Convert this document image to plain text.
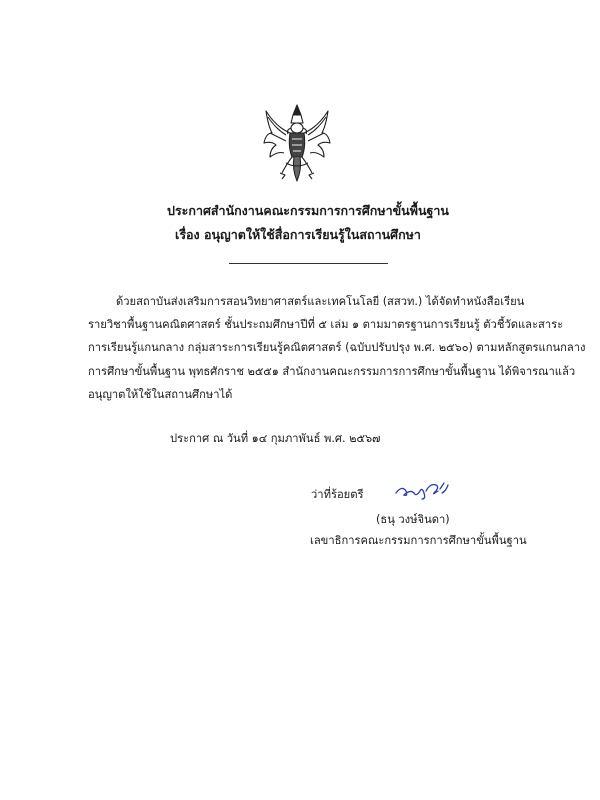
ประกาศสำนักงานคณะกรรมการการศึกษาขั้นพื้นฐาน
เรื่อง อนุญาตให้ใช้สื่อการเรียนรู้ในสถานศึกษา
ด้วยสถาบันส่งเสริมการสอนวิทยาศาสตร์และเทคโนโลยี (สสวท.) ได้จัดทำหนังสือเรียน
รายวิชาพื้นฐานคณิตศาสตร์ ชั้นประถมศึกษาปีที่ ๕ เล่ม ๑ ตามมาตรฐานการเรียนรู้ ตัวชี้วัดและสาระ
การเรียนรู้แกนกลาง กลุ่มสาระการเรียนรู้คณิตศาสตร์ (ฉบับปรับปรุง พ.ศ. ๒๕๖๐) ตามหลักสูตรแกนกลาง
การศึกษาขั้นพื้นฐาน พุทธศักราช ๒๕๕๑ สำนักงานคณะกรรมการการศึกษาขั้นพื้นฐาน ได้พิจารณาแล้ว
อนุญาตให้ใช้ในสถานศึกษาได้
ประกาศ ณ วันที่ ๑๔ กุมภาพันธ์ พ.ศ. ๒๕๖๗
ว่าที่ร้อยตรี
(ธนุ วงษ์จินดา)
เลขาธิการคณะกรรมการการศึกษาขั้นพื้นฐาน
